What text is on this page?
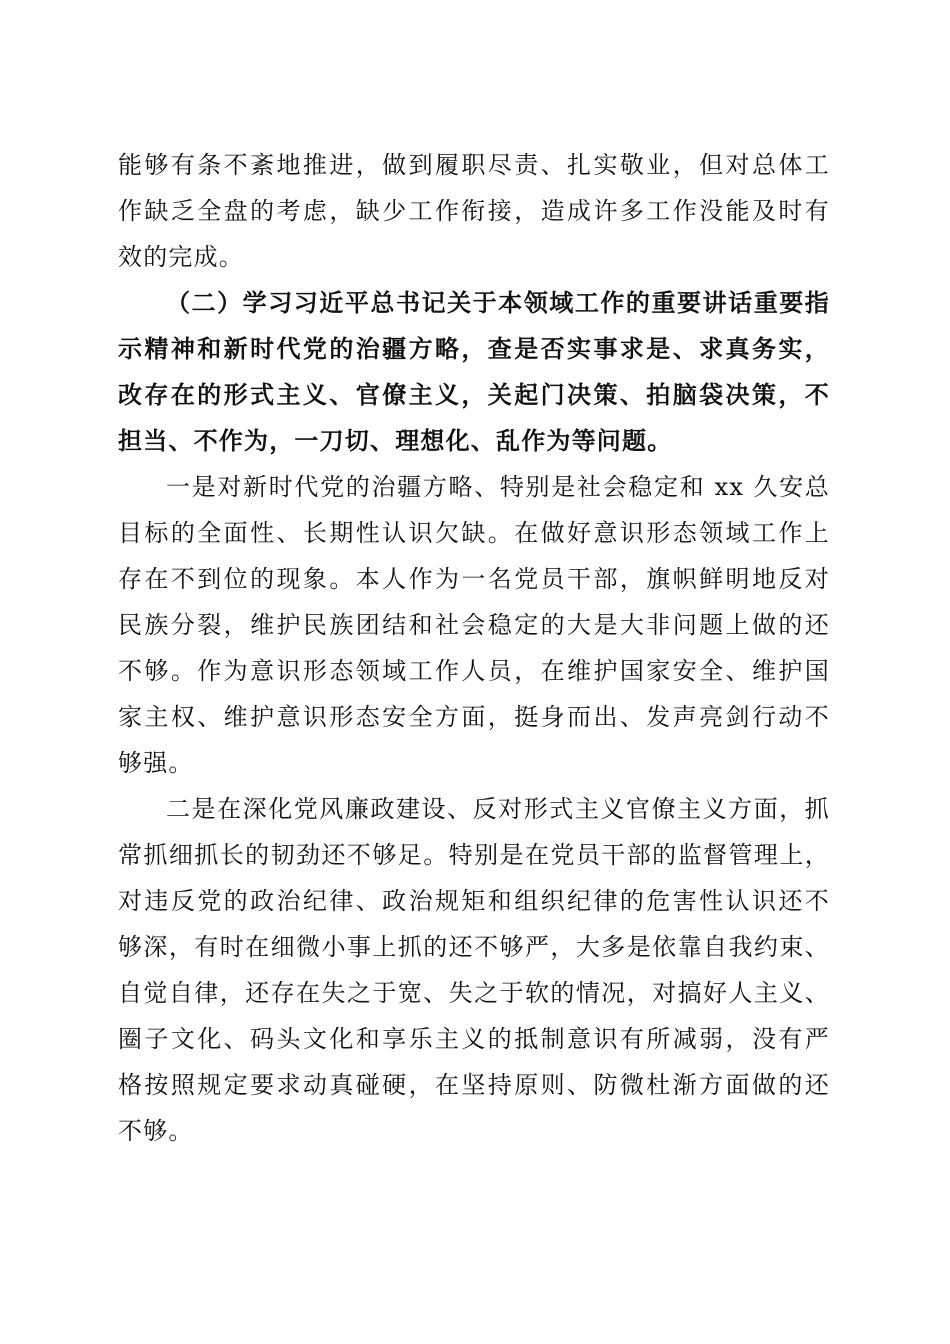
能够有条不紊地推进，做到履职尽责、扎实敬业，但对总体工
作缺乏全盘的考虑，缺少工作衔接，造成许多工作没能及时有
效的完成。
（二）学习习近平总书记关于本领域工作的重要讲话重要指
示精神和新时代党的治疆方略，查是否实事求是、求真务实，
改存在的形式主义、官僚主义，关起门决策、拍脑袋决策，不
担当、不作为，一刀切、理想化、乱作为等问题。
一是对新时代党的治疆方略、特别是社会稳定和 xx 久安总
目标的全面性、长期性认识欠缺。在做好意识形态领域工作上
存在不到位的现象。本人作为一名党员干部，旗帜鲜明地反对
民族分裂，维护民族团结和社会稳定的大是大非问题上做的还
不够。作为意识形态领域工作人员，在维护国家安全、维护国
家主权、维护意识形态安全方面，挺身而出、发声亮剑行动不
够强。
二是在深化党风廉政建设、反对形式主义官僚主义方面，抓
常抓细抓长的韧劲还不够足。特别是在党员干部的监督管理上，
对违反党的政治纪律、政治规矩和组织纪律的危害性认识还不
够深，有时在细微小事上抓的还不够严，大多是依靠自我约束、
自觉自律，还存在失之于宽、失之于软的情况，对搞好人主义、
圈子文化、码头文化和享乐主义的抵制意识有所减弱，没有严
格按照规定要求动真碰硬，在坚持原则、防微杜渐方面做的还
不够。
